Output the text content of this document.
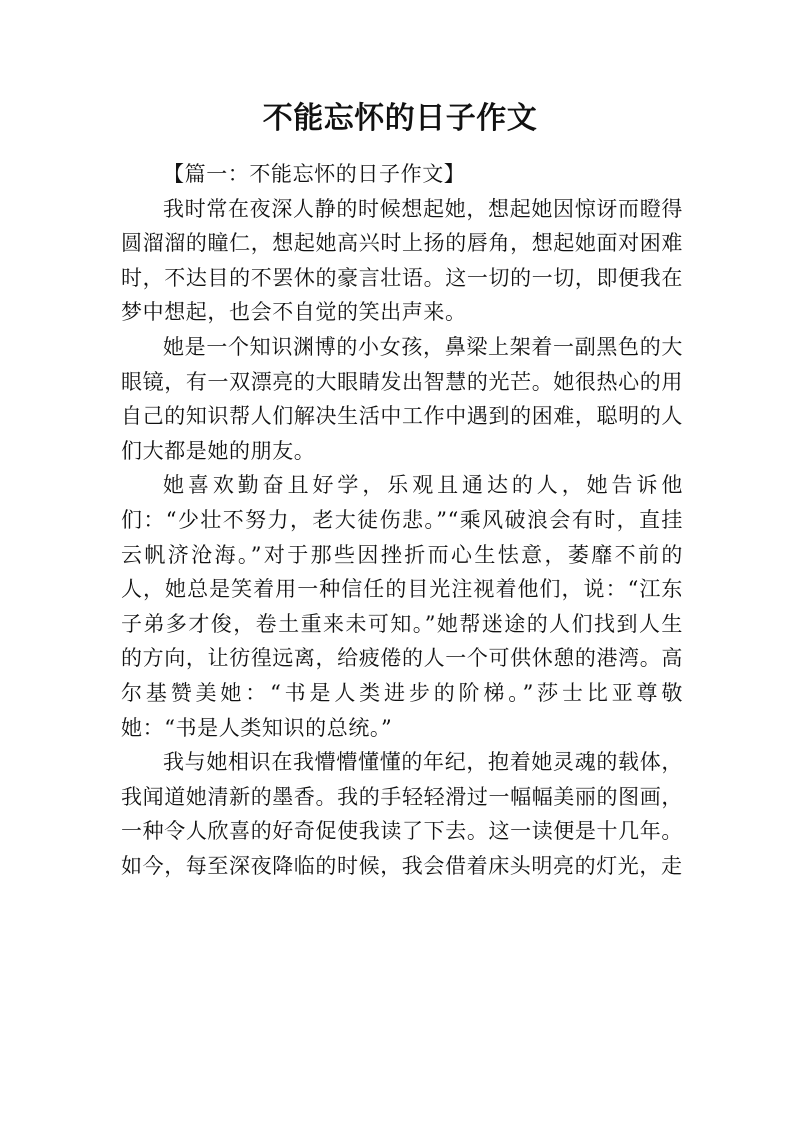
不能忘怀的日子作文

【篇一：不能忘怀的日子作文】

我时常在夜深人静的时候想起她，想起她因惊讶而瞪得圆溜溜的瞳仁，想起她高兴时上扬的唇角，想起她面对困难时，不达目的不罢休的豪言壮语。这一切的一切，即便我在梦中想起，也会不自觉的笑出声来。

她是一个知识渊博的小女孩，鼻梁上架着一副黑色的大眼镜，有一双漂亮的大眼睛发出智慧的光芒。她很热心的用自己的知识帮人们解决生活中工作中遇到的困难，聪明的人们大都是她的朋友。

她喜欢勤奋且好学，乐观且通达的人，她告诉他们：“少壮不努力，老大徒伤悲。”“乘风破浪会有时，直挂云帆济沧海。”对于那些因挫折而心生怯意，萎靡不前的人，她总是笑着用一种信任的目光注视着他们，说：“江东子弟多才俊，卷土重来未可知。”她帮迷途的人们找到人生的方向，让彷徨远离，给疲倦的人一个可供休憩的港湾。高尔基赞美她：“书是人类进步的阶梯。”莎士比亚尊敬她：“书是人类知识的总统。”

我与她相识在我懵懵懂懂的年纪，抱着她灵魂的载体，我闻道她清新的墨香。我的手轻轻滑过一幅幅美丽的图画，一种令人欣喜的好奇促使我读了下去。这一读便是十几年。如今，每至深夜降临的时候，我会借着床头明亮的灯光，走
